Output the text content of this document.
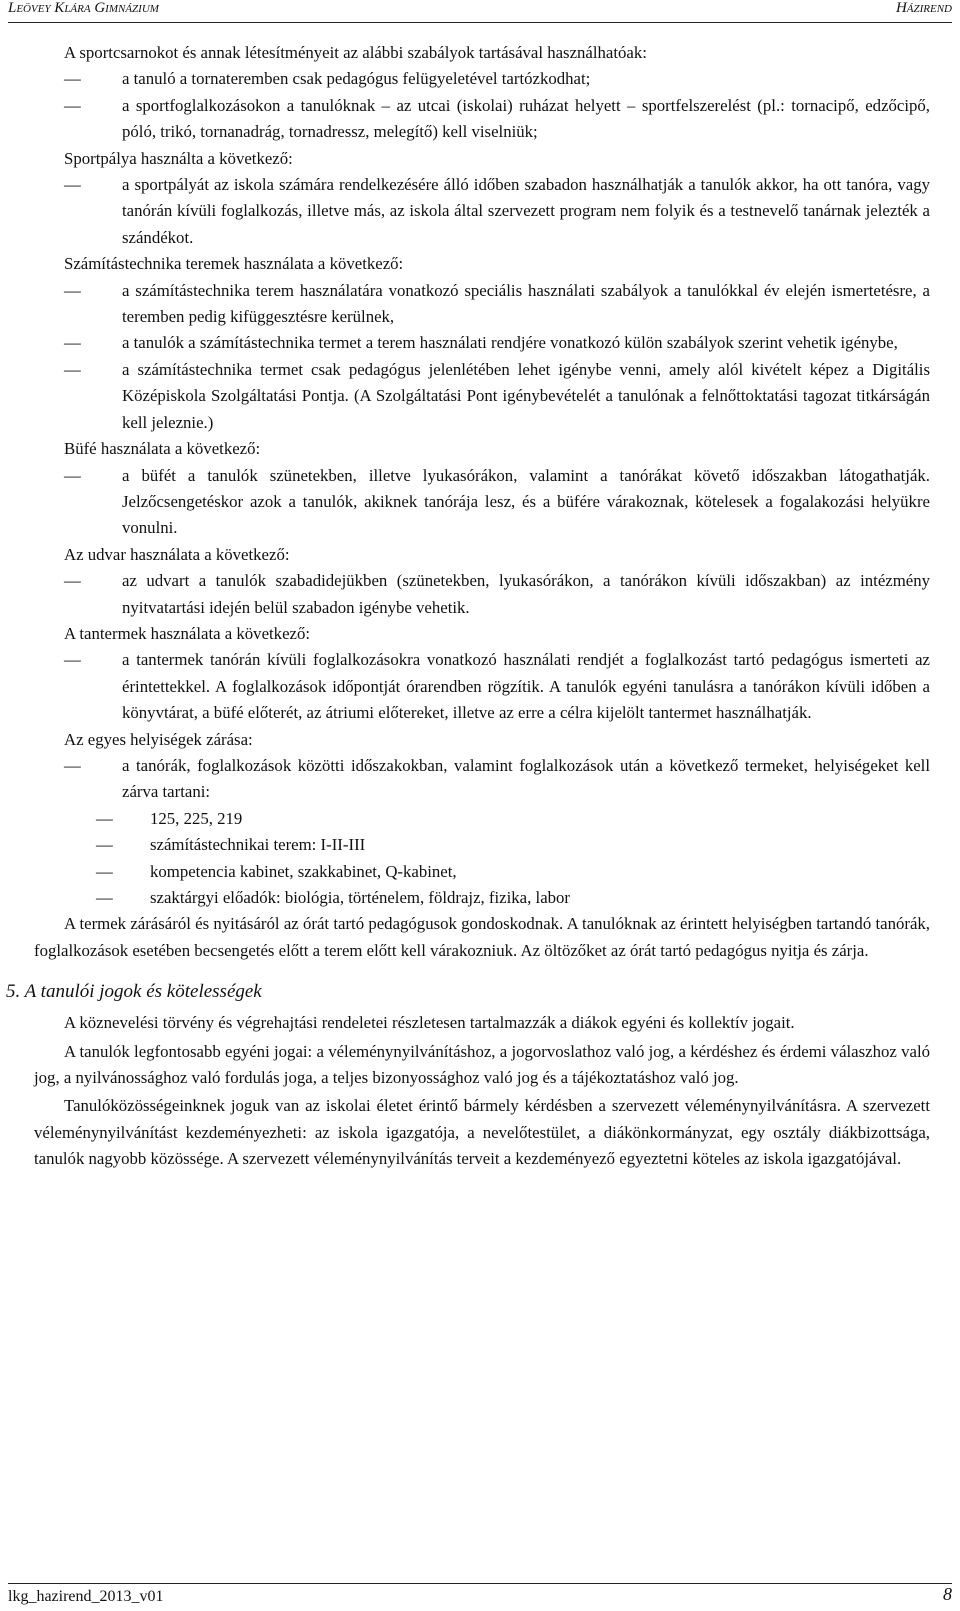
Leövey Klára Gimnázium	Házirend

A sportcsarnokot és annak létesítményeit az alábbi szabályok tartásával használhatóak:

— a tanuló a tornateremben csak pedagógus felügyeletével tartózkodhat;
— a sportfoglalkozásokon a tanulóknak – az utcai (iskolai) ruházat helyett – sportfelszerelést (pl.: tornacipő, edzőcipő, póló, trikó, tornanadrág, tornadressz, melegítő) kell viselniük;

Sportpálya használta a következő:

— a sportpályát az iskola számára rendelkezésére álló időben szabadon használhatják a tanulók akkor, ha ott tanóra, vagy tanórán kívüli foglalkozás, illetve más, az iskola által szervezett program nem folyik és a testnevelő tanárnak jelezték a szándékot.

Számítástechnika teremek használata a következő:

— a számítástechnika terem használatára vonatkozó speciális használati szabályok a tanulókkal év elején ismertetésre, a teremben pedig kifüggesztésre kerülnek,
— a tanulók a számítástechnika termet a terem használati rendjére vonatkozó külön szabályok szerint vehetik igénybe,
— a számítástechnika termet csak pedagógus jelenlétében lehet igénybe venni, amely alól kivételt képez a Digitális Középiskola Szolgáltatási Pontja. (A Szolgáltatási Pont igénybevételét a tanulónak a felnőttoktatási tagozat titkárságán kell jeleznie.)

Büfé használata a következő:

— a büfét a tanulók szünetekben, illetve lyukasórákon, valamint a tanórákat követő időszakban látogathatják. Jelzőcsengetéskor azok a tanulók, akiknek tanórája lesz, és a büfére várakoznak, kötelesek a fogalakozási helyükre vonulni.

Az udvar használata a következő:

— az udvart a tanulók szabadidejükben (szünetekben, lyukasórákon, a tanórákon kívüli időszakban) az intézmény nyitvatartási idején belül szabadon igénybe vehetik.

A tantermek használata a következő:

— a tantermek tanórán kívüli foglalkozásokra vonatkozó használati rendjét a foglalkozást tartó pedagógus ismerteti az érintettekkel. A foglalkozások időpontját órarendben rögzítik. A tanulók egyéni tanulásra a tanórákon kívüli időben a könyvtárat, a büfé előterét, az átriumi előtereket, illetve az erre a célra kijelölt tantermet használhatják.

Az egyes helyiségek zárása:

— a tanórák, foglalkozások közötti időszakokban, valamint foglalkozások után a következő termeket, helyiségeket kell zárva tartani:
— 125, 225, 219
— számítástechnikai terem: I-II-III
— kompetencia kabinet, szakkabinet, Q-kabinet,
— szaktárgyi előadók: biológia, történelem, földrajz, fizika, labor

A termek zárásáról és nyitásáról az órát tartó pedagógusok gondoskodnak. A tanulóknak az érintett helyiségben tartandó tanórák, foglalkozások esetében becsengetés előtt a terem előtt kell várakozniuk. Az öltözőket az órát tartó pedagógus nyitja és zárja.

5. A tanulói jogok és kötelességek

A köznevelési törvény és végrehajtási rendeletei részletesen tartalmazzák a diákok egyéni és kollektív jogait.

A tanulók legfontosabb egyéni jogai: a véleménynyilvánításhoz, a jogorvoslathoz való jog, a kérdéshez és érdemi válaszhoz való jog, a nyilvánossághoz való fordulás joga, a teljes bizonyossághoz való jog és a tájékoztatáshoz való jog.

Tanulóközösségeinknek joguk van az iskolai életet érintő bármely kérdésben a szervezett véleménynyilvánításra. A szervezett véleménynyilvánítást kezdeményezheti: az iskola igazgatója, a nevelőtestület, a diákönkormányzat, egy osztály diákbizottsága, tanulók nagyobb közössége. A szervezett véleménynyilvánítás terveit a kezdeményező egyeztetni köteles az iskola igazgatójával.

lkg_hazirend_2013_v01	8
